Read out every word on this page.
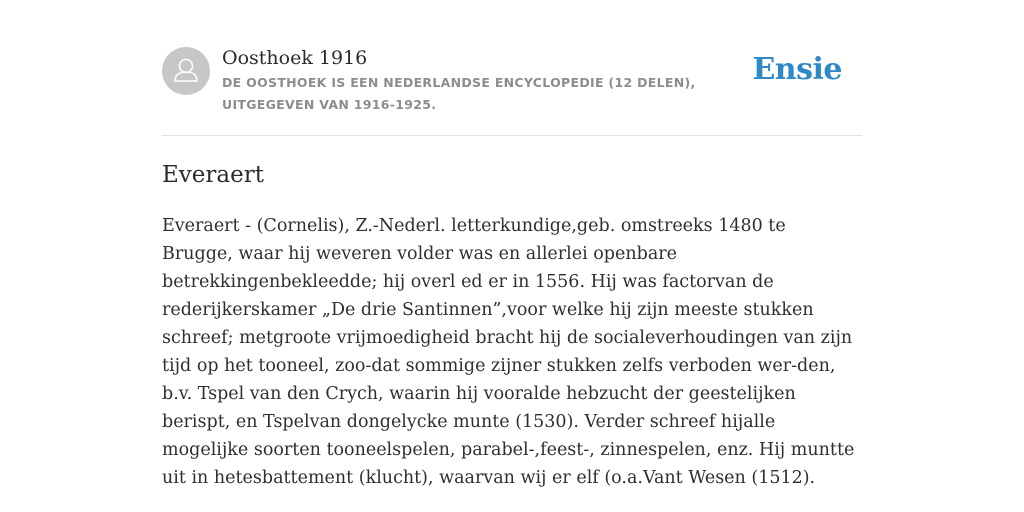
Oosthoek 1916
DE OOSTHOEK IS EEN NEDERLANDSE ENCYCLOPEDIE (12 DELEN), UITGEGEVEN VAN 1916-1925.
Ensie
Everaert

Everaert - (Cornelis), Z.-Nederl. letterkundige,geb. omstreeks 1480 te Brugge, waar hij weveren volder was en allerlei openbare betrekkingenbekleedde; hij overl ed er in 1556. Hij was factorvan de rederijkerskamer „De drie Santinnen”,voor welke hij zijn meeste stukken schreef; metgroote vrijmoedigheid bracht hij de socialeverhoudingen van zijn tijd op het tooneel, zoo-dat sommige zijner stukken zelfs verboden wer-den, b.v. Tspel van den Crych, waarin hij vooralde hebzucht der geestelijken berispt, en Tspelvan dongelycke munte (1530). Verder schreef hijalle mogelijke soorten tooneelspelen, parabel-,feest-, zinnespelen, enz. Hij muntte uit in hetesbattement (klucht), waarvan wij er elf (o.a.Vant Wesen (1512).
